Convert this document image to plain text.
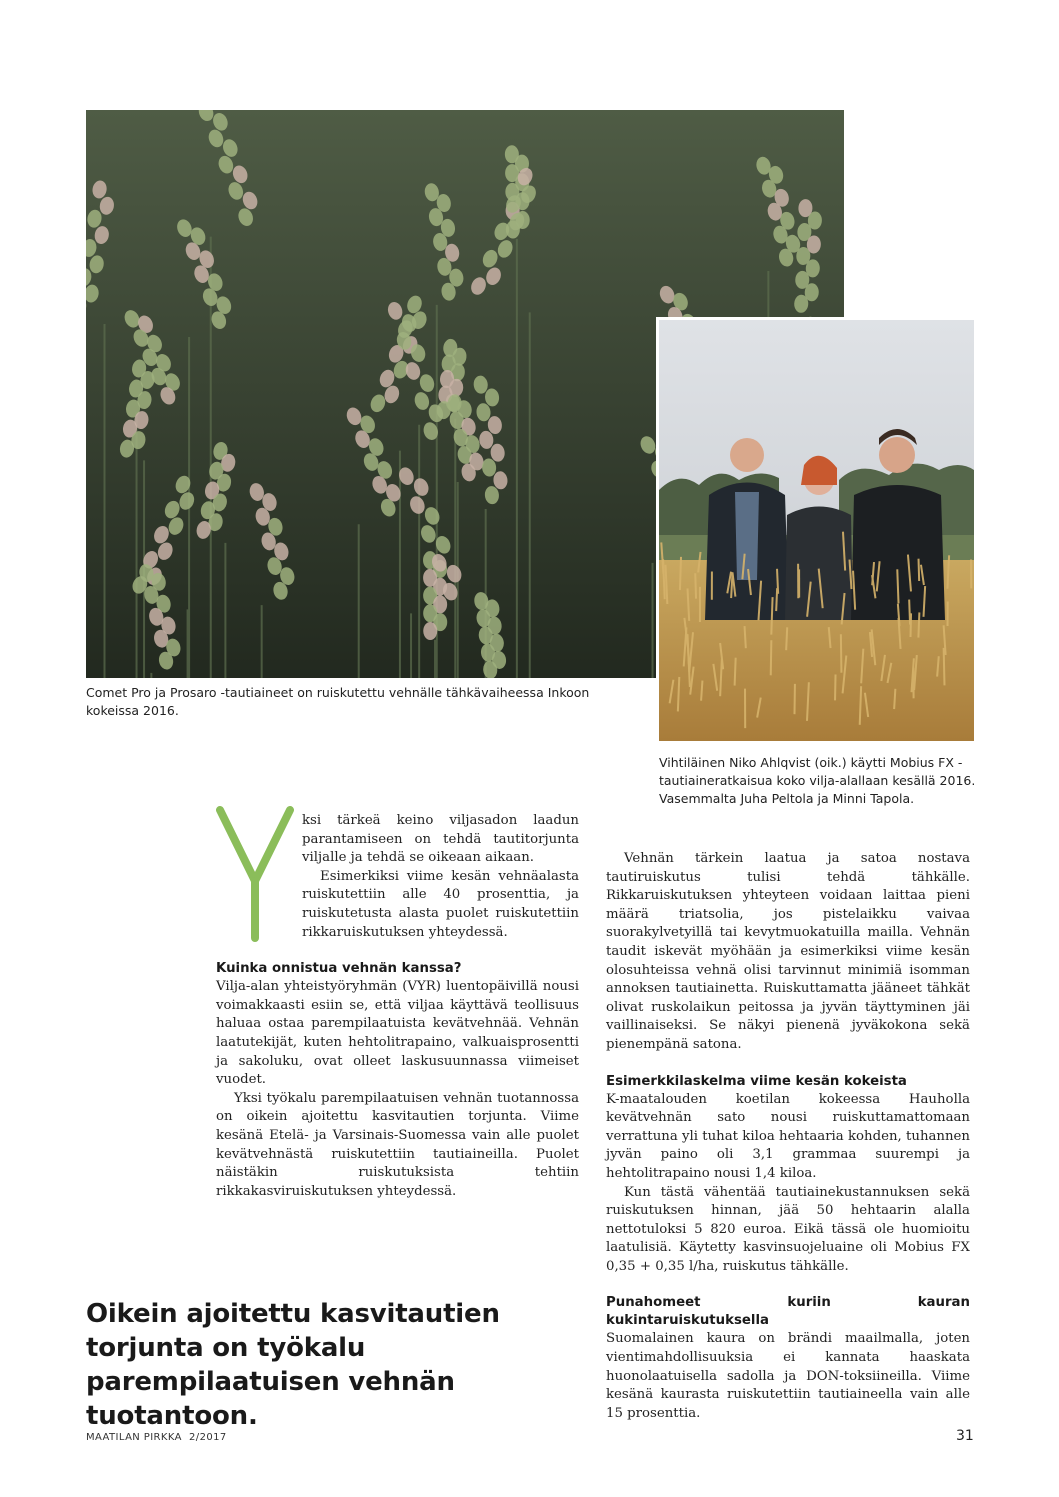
Comet Pro ja Prosaro -tautiaineet on ruiskutettu vehnälle tähkävaiheessa Inkoon kokeissa 2016.
Vihtiläinen Niko Ahlqvist (oik.) käytti Mobius FX -tautiaineratkaisua koko vilja-alallaan kesällä 2016. Vasemmalta Juha Peltola ja Minni Tapola.

ksi tärkeä keino viljasadon laadun parantamiseen on tehdä tautitorjunta viljalle ja tehdä se oikeaan aikaan.

Esimerkiksi viime kesän vehnäalasta ruiskutettiin alle 40 prosenttia, ja ruiskutetusta alasta puolet ruiskutettiin rikkaruiskutuksen yhteydessä.

Kuinka onnistua vehnän kanssa?

Vilja-alan yhteistyöryhmän (VYR) luentopäivillä nousi voimakkaasti esiin se, että viljaa käyttävä teollisuus haluaa ostaa parempilaatuista kevätvehnää. Vehnän laatutekijät, kuten hehtolitrapaino, valkuaisprosentti ja sakoluku, ovat olleet laskusuunnassa viimeiset vuodet.

Yksi työkalu parempilaatuisen vehnän tuotannossa on oikein ajoitettu kasvitautien torjunta. Viime kesänä Etelä- ja Varsinais-Suomessa vain alle puolet kevätvehnästä ruiskutettiin tautiaineilla. Puolet näistäkin ruiskutuksista tehtiin rikkakasviruiskutuksen yhteydessä.

Vehnän tärkein laatua ja satoa nostava tautiruiskutus tulisi tehdä tähkälle. Rikkaruiskutuksen yhteyteen voidaan laittaa pieni määrä triatsolia, jos pistelaikku vaivaa suorakylvetyillä tai kevytmuokatuilla mailla. Vehnän taudit iskevät myöhään ja esimerkiksi viime kesän olosuhteissa vehnä olisi tarvinnut minimiä isomman annoksen tautiainetta. Ruiskuttamatta jääneet tähkät olivat ruskolaikun peitossa ja jyvän täyttyminen jäi vaillinaiseksi. Se näkyi pienenä jyväkokona sekä pienempänä satona.

Esimerkkilaskelma viime kesän kokeista

K-maatalouden koetilan kokeessa Hauholla kevätvehnän sato nousi ruiskuttamattomaan verrattuna yli tuhat kiloa hehtaaria kohden, tuhannen jyvän paino oli 3,1 grammaa suurempi ja hehtolitrapaino nousi 1,4 kiloa.

Kun tästä vähentää tautiainekustannuksen sekä ruiskutuksen hinnan, jää 50 hehtaarin alalla nettotuloksi 5 820 euroa. Eikä tässä ole huomioitu laatulisiä. Käytetty kasvinsuojeluaine oli Mobius FX 0,35 + 0,35 l/ha, ruiskutus tähkälle.

Punahomeet kuriin kauran kukintaruiskutuksella

Suomalainen kaura on brändi maailmalla, joten vientimahdollisuuksia ei kannata haaskata huonolaatuisella sadolla ja DON-toksiineilla. Viime kesänä kaurasta ruiskutettiin tautiaineella vain alle 15 prosenttia.

Oikein ajoitettu kasvitautien torjunta on työkalu parempilaatuisen vehnän tuotantoon.
MAATILAN PIRKKA  2/2017	31
